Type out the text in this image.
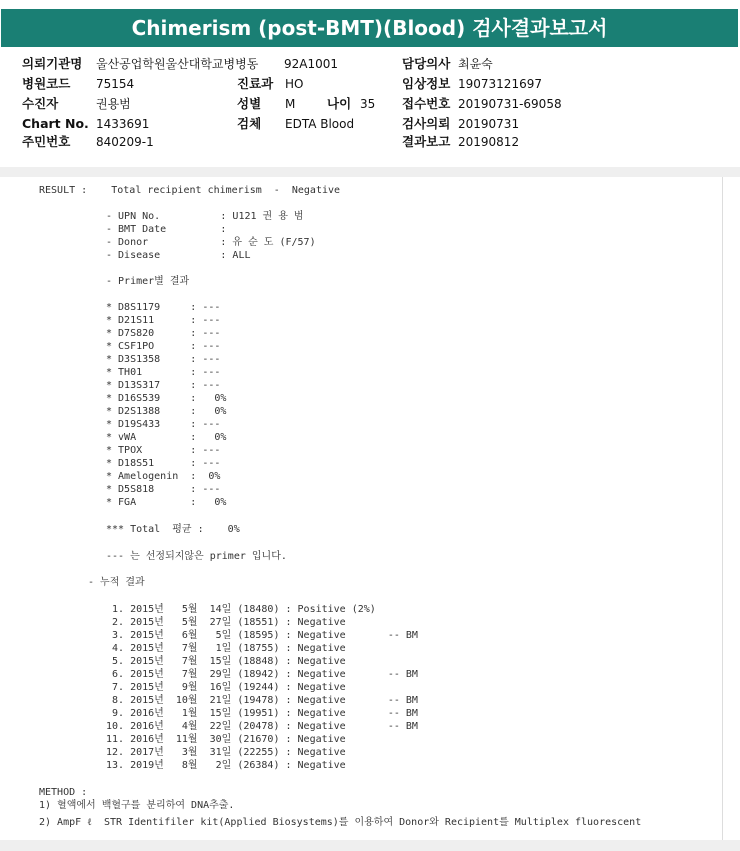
Chimerism (post-BMT)(Blood) 검사결과보고서
의뢰기관명 울산공업학원울산대학교병병동 92A1001
병원코드 75154
수진자	권용범
Chart No. 1433691
주민번호 840209-1
진료과 HO
성별 M	나이 35
검체 EDTA Blood
담당의사 최윤숙
임상정보 19073121697
접수번호 20190731-69058
검사의뢰 20190731
결과보고 20190812
RESULT :    Total recipient chimerism  -  Negative
- UPN No.          : U121 권 용 범
- BMT Date         :
- Donor            : 유 순 도 (F/57)
- Disease          : ALL
- Primer별 결과
* D8S1179     : ---
* D21S11      : ---
* D7S820      : ---
* CSF1PO      : ---
* D3S1358     : ---
* TH01        : ---
* D13S317     : ---
* D16S539     :   0%
* D2S1388     :   0%
* D19S433     : ---
* vWA         :   0%
* TPOX        : ---
* D18S51      : ---
* Amelogenin  :  0%
* D5S818      : ---
* FGA         :   0%
*** Total  평균 :    0%
--- 는 선정되지않은 primer 입니다.
- 누적 결과
1. 2015년   5월  14일 (18480) : Positive (2%)
2. 2015년   5월  27일 (18551) : Negative
3. 2015년   6월   5일 (18595) : Negative       -- BM
4. 2015년   7월   1일 (18755) : Negative
5. 2015년   7월  15일 (18848) : Negative
6. 2015년   7월  29일 (18942) : Negative       -- BM
7. 2015년   9월  16일 (19244) : Negative
8. 2015년  10월  21일 (19478) : Negative       -- BM
9. 2016년   1월  15일 (19951) : Negative       -- BM
10. 2016년   4월  22일 (20478) : Negative       -- BM
11. 2016년  11월  30일 (21670) : Negative
12. 2017년   3월  31일 (22255) : Negative
13. 2019년   8월   2일 (26384) : Negative
METHOD :
1) 혈액에서 백혈구를 분리하여 DNA추출.
2) AmpF ℓ  STR Identifiler kit(Applied Biosystems)를 이용하여 Donor와 Recipient를 Multiplex fluorescent
